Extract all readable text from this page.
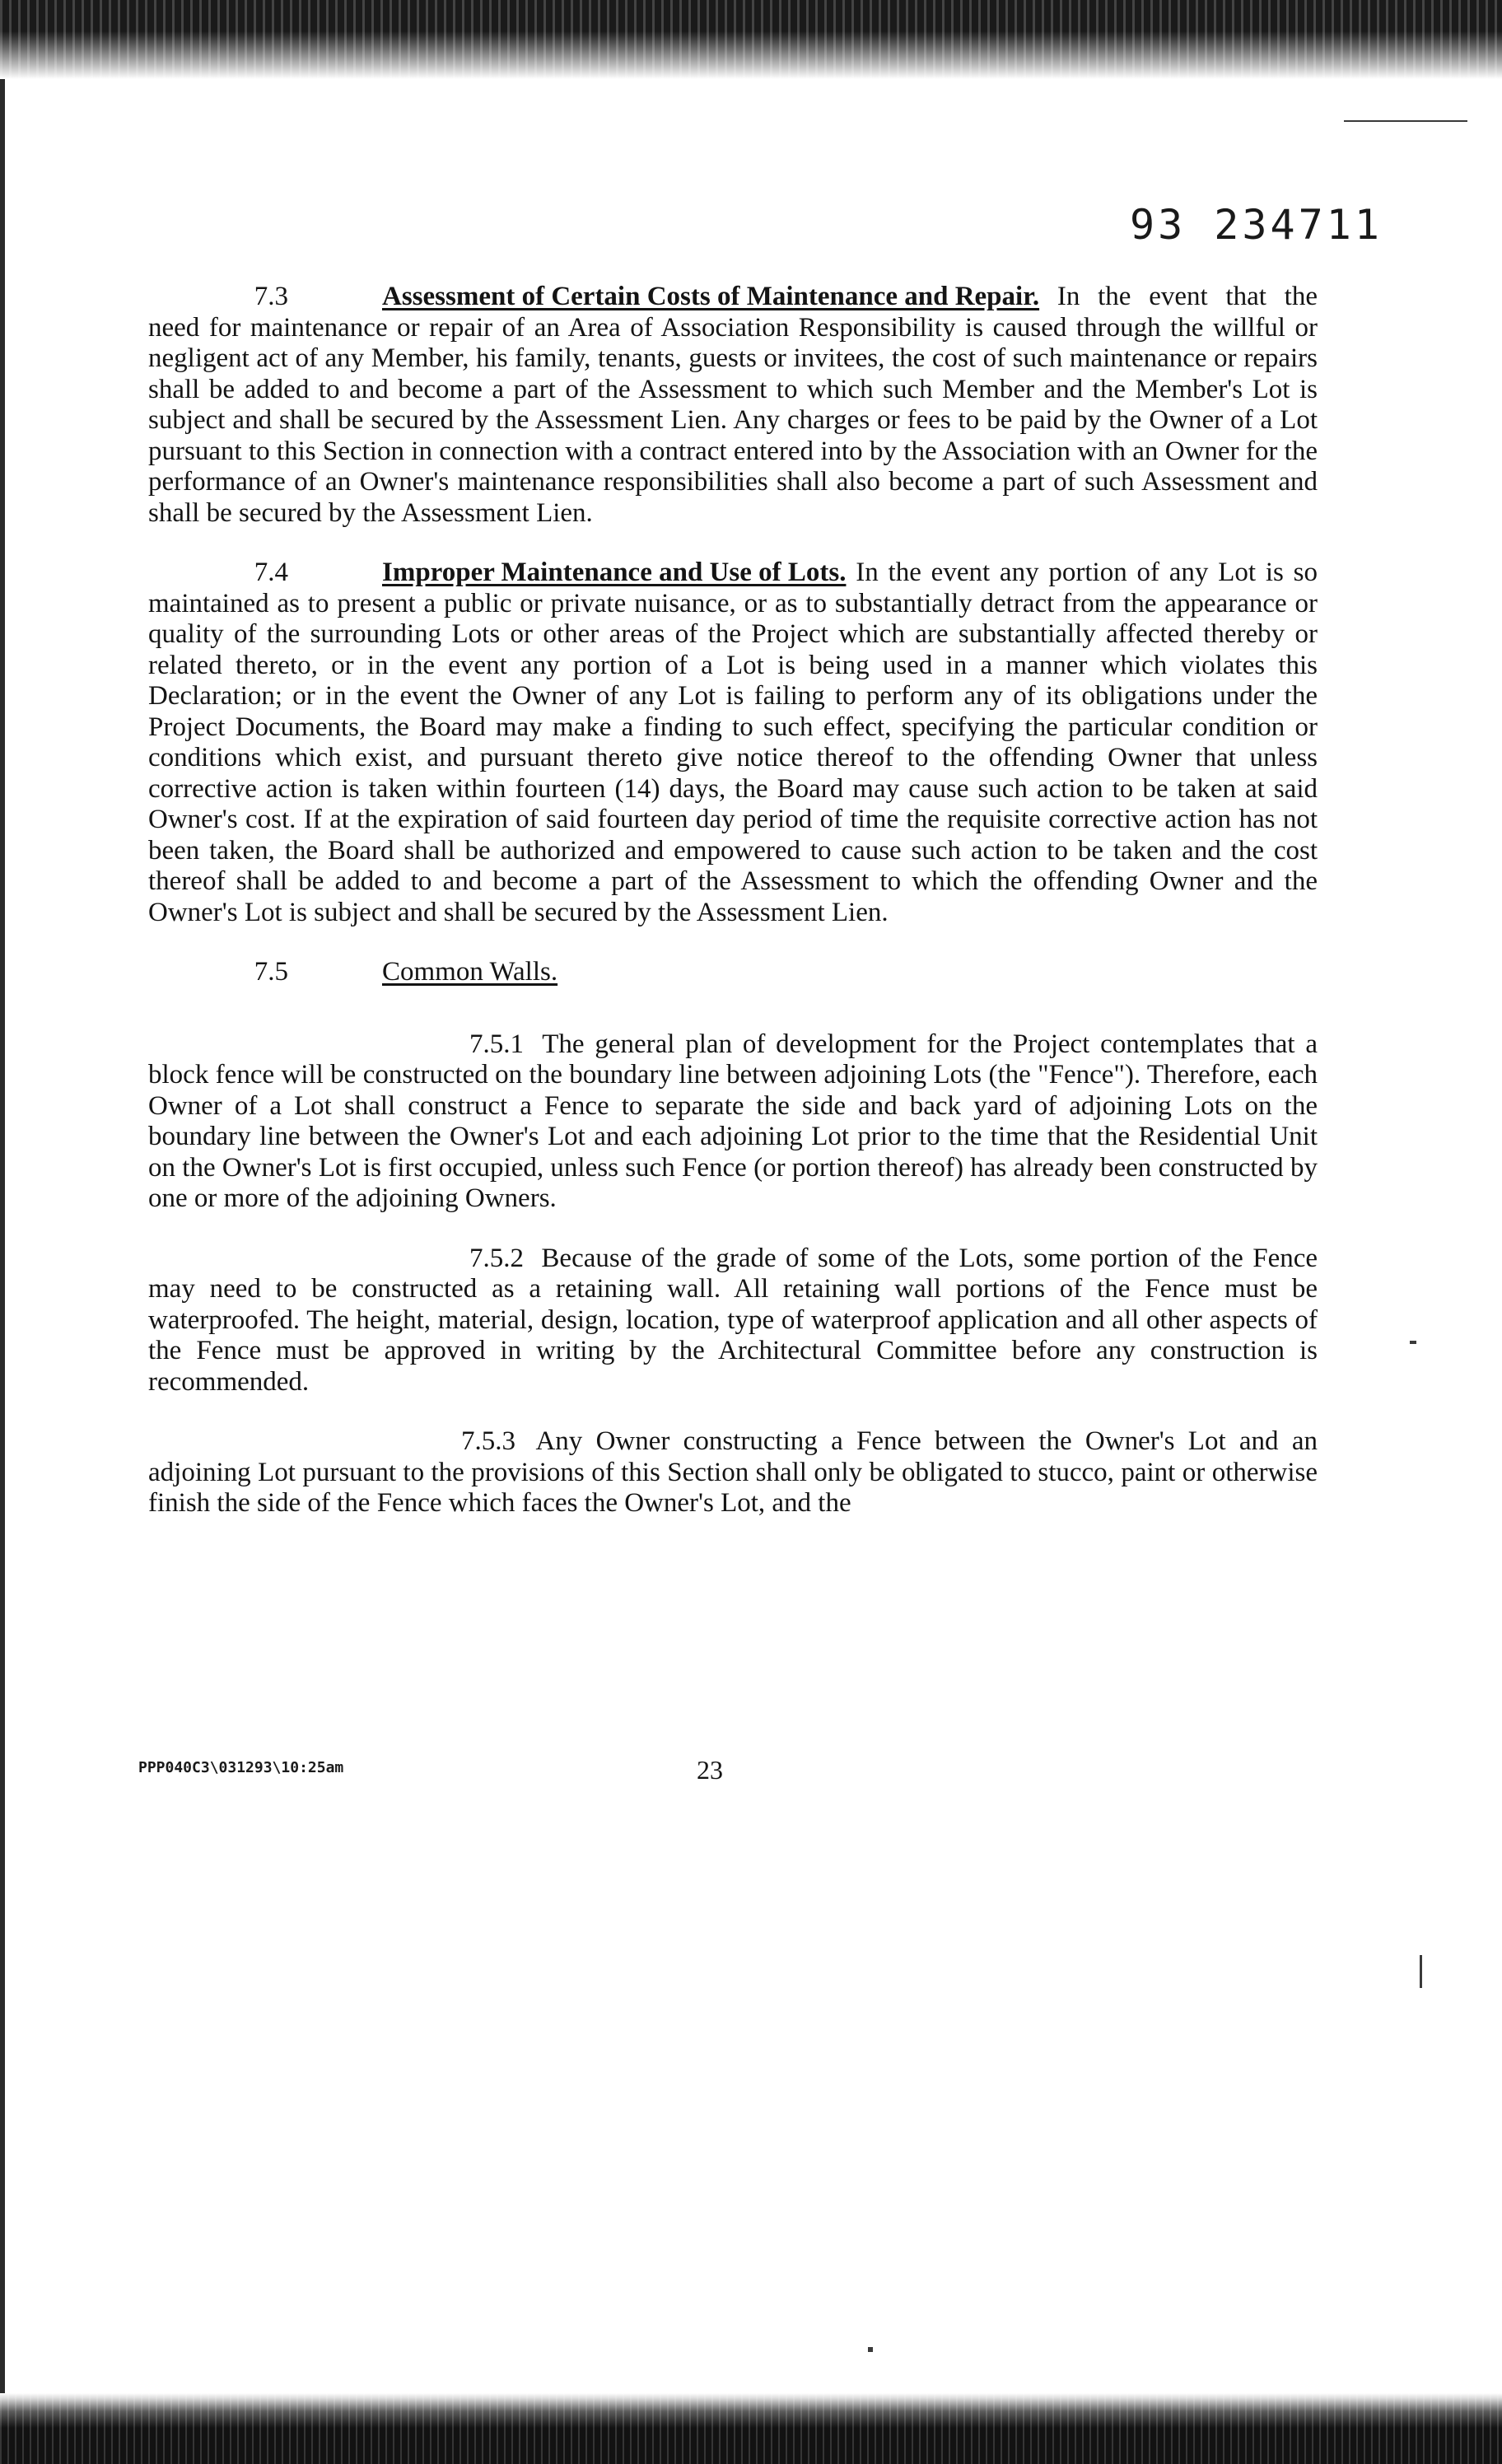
93 234711

7.3	Assessment of Certain Costs of Maintenance and Repair. In the event that the need for maintenance or repair of an Area of Association Responsibility is caused through the willful or negligent act of any Member, his family, tenants, guests or invitees, the cost of such maintenance or repairs shall be added to and become a part of the Assessment to which such Member and the Member's Lot is subject and shall be secured by the Assessment Lien. Any charges or fees to be paid by the Owner of a Lot pursuant to this Section in connection with a contract entered into by the Association with an Owner for the performance of an Owner's maintenance responsibilities shall also become a part of such Assessment and shall be secured by the Assessment Lien.

7.4	Improper Maintenance and Use of Lots. In the event any portion of any Lot is so maintained as to present a public or private nuisance, or as to substantially detract from the appearance or quality of the surrounding Lots or other areas of the Project which are substantially affected thereby or related thereto, or in the event any portion of a Lot is being used in a manner which violates this Declaration; or in the event the Owner of any Lot is failing to perform any of its obligations under the Project Documents, the Board may make a finding to such effect, specifying the particular condition or conditions which exist, and pursuant thereto give notice thereof to the offending Owner that unless corrective action is taken within fourteen (14) days, the Board may cause such action to be taken at said Owner's cost. If at the expiration of said fourteen day period of time the requisite corrective action has not been taken, the Board shall be authorized and empowered to cause such action to be taken and the cost thereof shall be added to and become a part of the Assessment to which the offending Owner and the Owner's Lot is subject and shall be secured by the Assessment Lien.

7.5	Common Walls.

7.5.1 The general plan of development for the Project contemplates that a block fence will be constructed on the boundary line between adjoining Lots (the "Fence"). Therefore, each Owner of a Lot shall construct a Fence to separate the side and back yard of adjoining Lots on the boundary line between the Owner's Lot and each adjoining Lot prior to the time that the Residential Unit on the Owner's Lot is first occupied, unless such Fence (or portion thereof) has already been constructed by one or more of the adjoining Owners.

7.5.2 Because of the grade of some of the Lots, some portion of the Fence may need to be constructed as a retaining wall. All retaining wall portions of the Fence must be waterproofed. The height, material, design, location, type of waterproof application and all other aspects of the Fence must be approved in writing by the Architectural Committee before any construction is recommended.

7.5.3 Any Owner constructing a Fence between the Owner's Lot and an adjoining Lot pursuant to the provisions of this Section shall only be obligated to stucco, paint or otherwise finish the side of the Fence which faces the Owner's Lot, and the

PPP040C3\031293\10:25am	23
